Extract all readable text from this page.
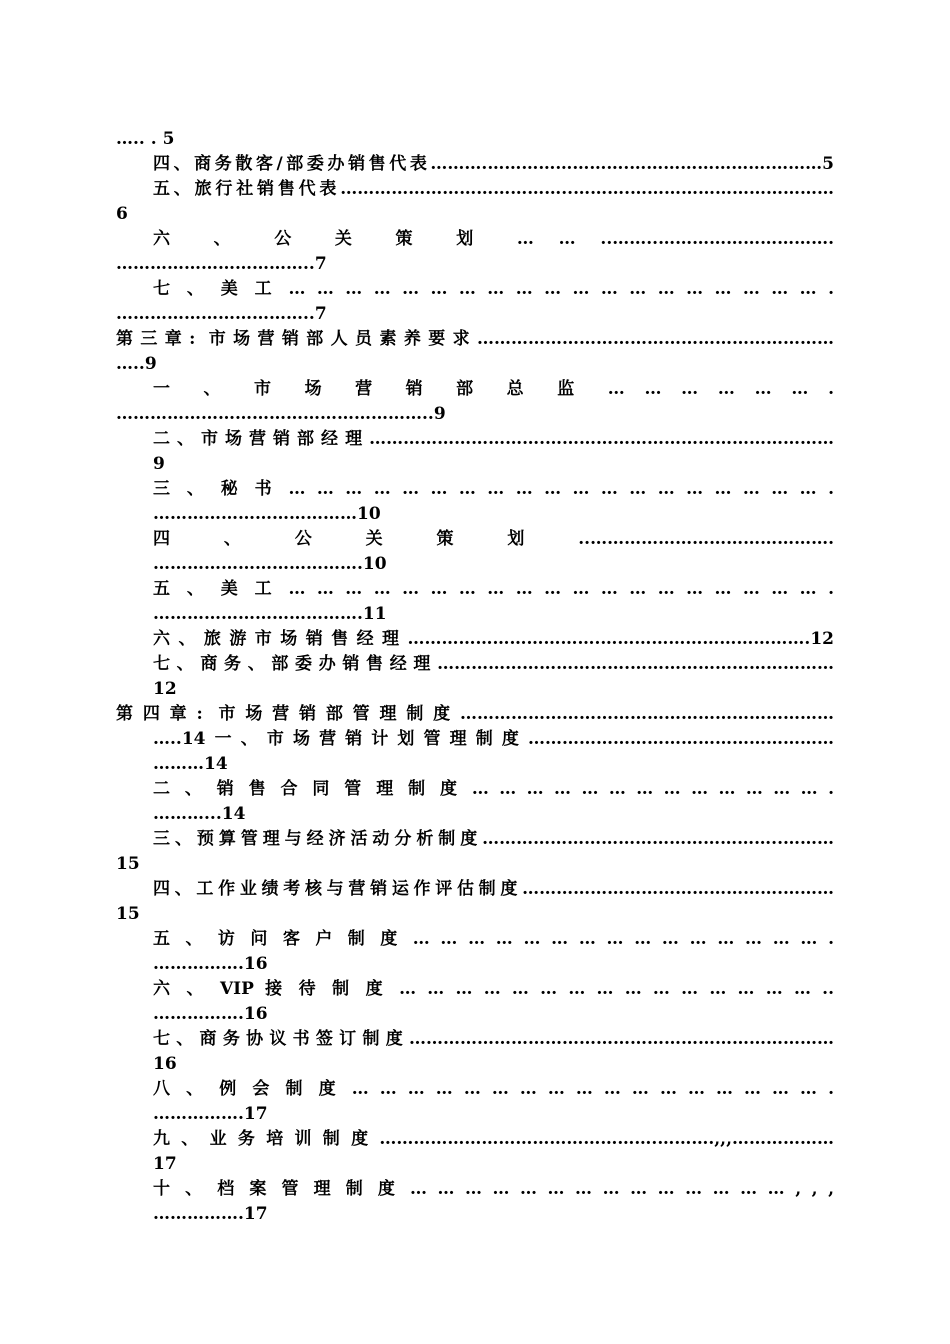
….. . 5
四、商务散客/部委办销售代表……….…………………….…………………….………5
五、旅行社销售代表…………………………………..……….………………………………
6
六 、 公 关 策 划 … … ..……..………………………….
……………………………..7
七 、 美 工 … … … … … … … … … … … … … … … … … … … .
……………………………..7
第三章: 市场营销部人员素养要求………………………………………………………
…..9
一 、 市 场 营 销 部 总 监 … … … … … … .
………………………………………………..9
二、市场营销部经理………………………….……………………………………………
9
三 、 秘 书 … … … … … … … … … … … … … … … … … … … .
………………………………10
四 、 公 关 策 划 ..…………………………………….
……………………………….10
五 、 美 工 … … … … … … … … … … … … … … … … … … … .
……………………………….11
六、旅游市场销售经理…………………………….……………………………….12
七、商务、部委办销售经理…………………………….………………………………
12
第四章: 市场营销部管理制度…………………………………………………………
…..14一、市场营销计划管理制度………………………………………………
………14
二 、 销 售 合 同 管 理 制 度 … … … … … … … … … … … … … .
………...14
三、预算管理与经济活动分析制度……………………………………………..………
15
四、工作业绩考核与营销运作评估制度……………………………………….………
15
五 、 访 问 客 户 制 度 … … … … … … … … … … … … … … … .
…………….16
六 、 VIP 接 待 制 度 … … … … … … … … … … … … … … … ..
…………….16
七、商务协议书签订制度…………………………………………………………………
16
八 、 例 会 制 度 … … … … … … … … … … … … … … … … … .
…………….17
九、业务培训制度………………………………………….……….,,,………………
17
十 、 档 案 管 理 制 度 … … … … … … … … … … … … … … , , ,
…………….17
